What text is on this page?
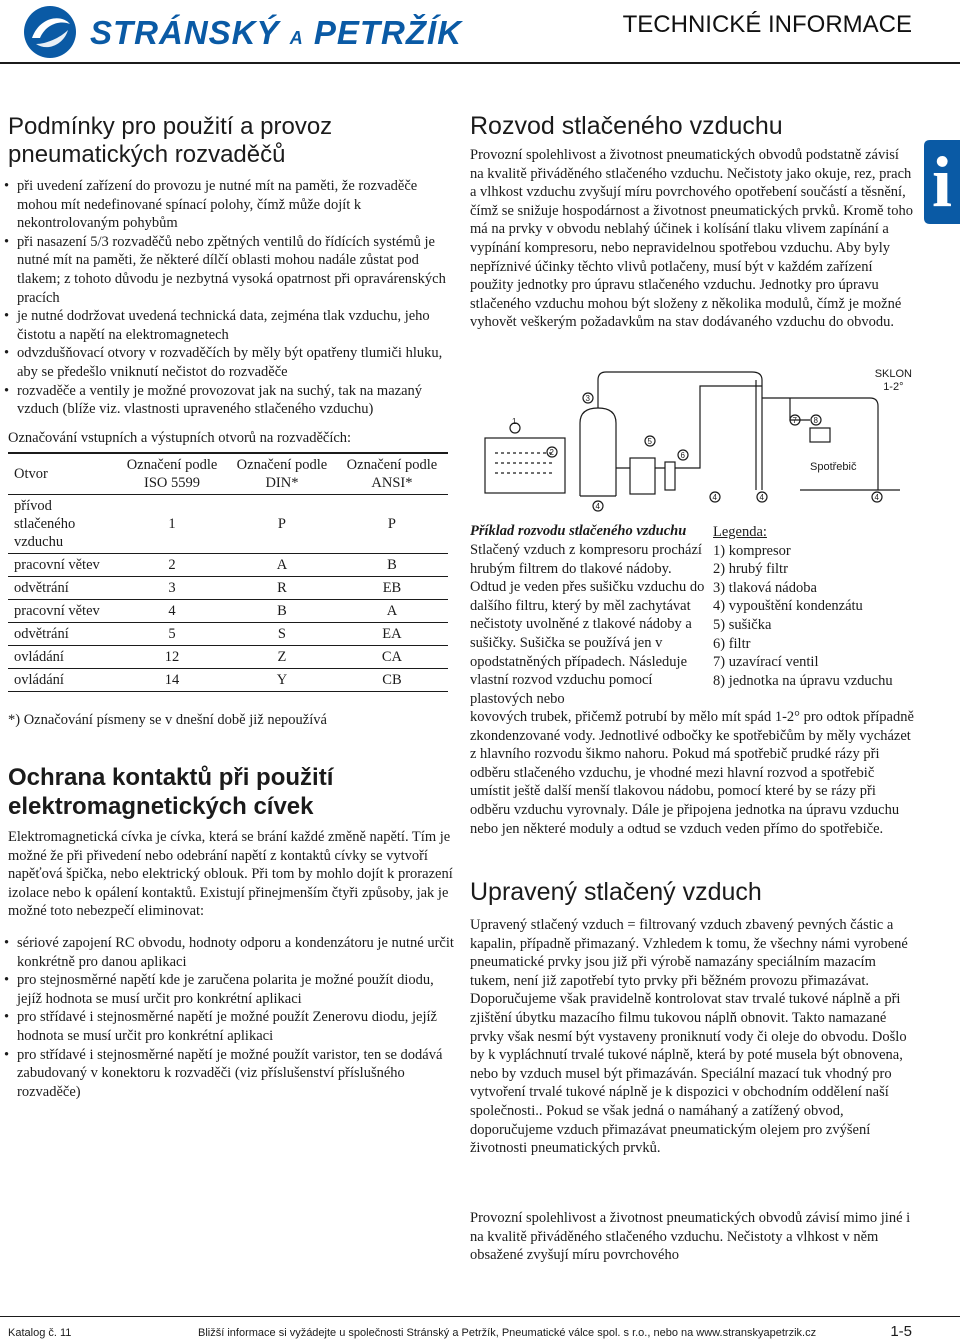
STRÁNSKÝ A PETRŽÍK	TECHNICKÉ INFORMACE
Podmínky pro použití a provoz pneumatických rozvaděčů
• při uvedení zařízení do provozu je nutné mít na paměti, že rozvaděče mohou mít nedefinované spínací polohy, čímž může dojít k nekontrolovaným pohybům
• při nasazení 5/3 rozvaděčů nebo zpětných ventilů do řídících systémů je nutné mít na paměti, že některé dílčí oblasti mohou nadále zůstat pod tlakem; z tohoto důvodu je nezbytná vysoká opatrnost při opravárenských pracích
• je nutné dodržovat uvedená technická data, zejména tlak vzduchu, jeho čistotu a napětí na elektromagnetech
• odvzdušňovací otvory v rozvaděčích by měly být opatřeny tlumiči hluku, aby se předešlo vniknutí nečistot do rozvaděče
• rozvaděče a ventily je možné provozovat jak na suchý, tak na mazaný vzduch (blíže viz. vlastnosti upraveného stlačeného vzduchu)
Označování vstupních a výstupních otvorů na rozvaděčích:
Otvor	Označení podle ISO 5599	Označení podle DIN*	Označení podle ANSI*
přívod stlačeného vzduchu	1	P	P
pracovní větev	2	A	B
odvětrání	3	R	EB
pracovní větev	4	B	A
odvětrání	5	S	EA
ovládání	12	Z	CA
ovládání	14	Y	CB
*) Označování písmeny se v dnešní době již nepoužívá
Ochrana kontaktů při použití elektromagnetických cívek

Elektromagnetická cívka je cívka, která se brání každé změně napětí. Tím je možné že při přivedení nebo odebrání napětí z kontaktů cívky se vytvoří napěťová špička, nebo elektrický oblouk. Při tom by mohlo dojít k prorazení izolace nebo k opálení kontaktů. Existují přinejmenším čtyři způsoby, jak je možné toto nebezpečí eliminovat:

• sériové zapojení RC obvodu, hodnoty odporu a kondenzátoru je nutné určit konkrétně pro danou aplikaci
• pro stejnosměrné napětí kde je zaručena polarita je možné použít diodu, jejíž hodnota se musí určit pro konkrétní aplikaci
• pro střídavé i stejnosměrné napětí je možné použít Zenerovu diodu, jejíž hodnota se musí určit pro konkrétní aplikaci
• pro střídavé i stejnosměrné napětí je možné použít varistor, ten se dodává zabudovaný v konektoru k rozvaděči (viz příslušenství příslušného rozvaděče)
Rozvod stlačeného vzduchu

Provozní spolehlivost a životnost pneumatických obvodů podstatně závisí na kvalitě přiváděného stlačeného vzduchu. Nečistoty jako okuje, rez, prach a vlhkost vzduchu zvyšují míru povrchového opotřebení součástí a těsnění, čímž se snižuje hospodárnost a životnost pneumatických prvků. Kromě toho má na prvky v obvodu neblahý účinek i kolísání tlaku vlivem zapínání a vypínání kompresoru, nebo nepravidelnou spotřebou vzduchu. Aby byly nepříznivé účinky těchto vlivů potlačeny, musí být v každém zařízení použity jednotky pro úpravu stlačeného vzduchu. Jednotky pro úpravu stlačeného vzduchu mohou být složeny z několika modulů, čímž je možné vyhovět veškerým požadavkům na stav dodávaného vzduchu do obvodu.

i
1
2
3
5
6
4
4	4	4
7 8
SKLON
1-2°
Spotřebič
Příklad rozvodu stlačeného vzduchu

Stlačený vzduch z kompresoru prochází hrubým filtrem do tlakové nádoby. Odtud je veden přes sušičku vzduchu do dalšího filtru, který by měl zachytávat nečistoty uvolněné z tlakové nádoby a sušičky. Sušička se používá jen v opodstatněných případech. Následuje vlastní rozvod vzduchu pomocí plastových nebo

Legenda:
1) kompresor
2) hrubý filtr
3) tlaková nádoba
4) vypouštění kondenzátu
5) sušička
6) filtr
7) uzavírací ventil
8) jednotka na úpravu vzduchu

kovových trubek, přičemž potrubí by mělo mít spád 1-2° pro odtok případně zkondenzované vody. Jednotlivé odbočky ke spotřebičům by měly vycházet z hlavního rozvodu šikmo nahoru. Pokud má spotřebič prudké rázy při odběru stlačeného vzduchu, je vhodné mezi hlavní rozvod a spotřebič umístit ještě další menší tlakovou nádobu, pomocí které by se rázy při odběru vzduchu vyrovnaly. Dále je připojena jednotka na úpravu vzduchu nebo jen některé moduly a odtud se vzduch veden přímo do spotřebiče.

Upravený stlačený vzduch

Upravený stlačený vzduch = filtrovaný vzduch zbavený pevných částic a kapalin, případně přimazaný. Vzhledem k tomu, že všechny námi vyrobené pneumatické prvky jsou již při výrobě namazány speciálním mazacím tukem, není již zapotřebí tyto prvky při běžném provozu přimazávat. Doporučujeme však pravidelně kontrolovat stav trvalé tukové náplně a při zjištění úbytku mazacího filmu tukovou náplň obnovit. Takto namazané prvky však nesmí být vystaveny proniknutí vody či oleje do obvodu. Došlo by k vypláchnutí trvalé tukové náplně, která by poté musela být obnovena, nebo by vzduch musel být přimazáván. Speciální mazací tuk vhodný pro vytvoření trvalé tukové náplně je k dispozici v obchodním oddělení naší společnosti.. Pokud se však jedná o namáhaný a zatížený obvod, doporučujeme vzduch přimazávat pneumatickým olejem pro zvýšení životnosti pneumatických prvků.

Provozní spolehlivost a životnost pneumatických obvodů závisí mimo jiné i na kvalitě přiváděného stlačeného vzduchu. Nečistoty a vlhkost v něm obsažené zvyšují míru povrchového

Katalog č. 11	Bližší informace si vyžádejte u společnosti Stránský a Petržík, Pneumatické válce spol. s r.o., nebo na www.stranskyapetrzik.cz	1-5
